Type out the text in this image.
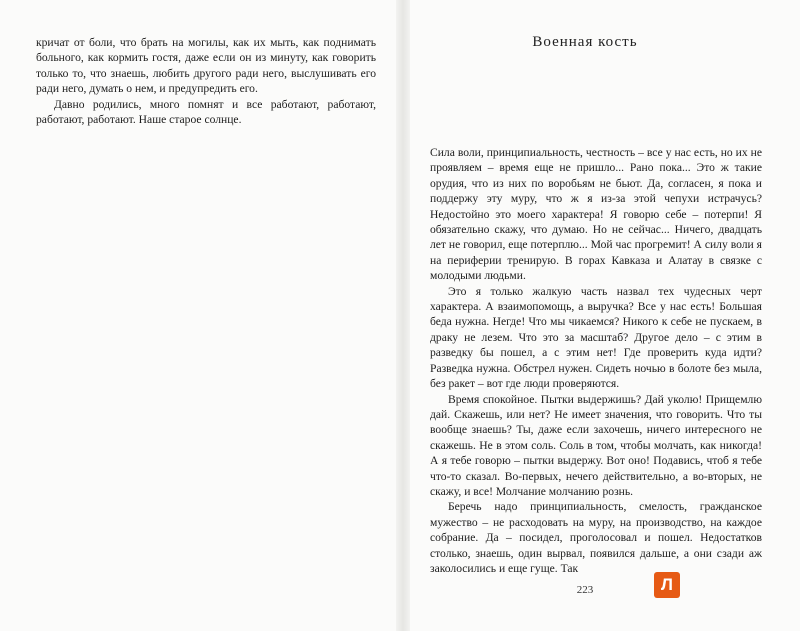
кричат от боли, что брать на могилы, как их мыть, как поднимать больного, как кормить гостя, даже если он из минуту, как говорить только то, что знаешь, любить другого ради него, выслушивать его ради него, думать о нем, и предупредить его.

Давно родились, много помнят и все работают, работают, работают, работают. Наше старое солнце.

Военная кость

Сила воли, принципиальность, честность – все у нас есть, но их не проявляем – время еще не пришло... Рано пока... Это ж такие орудия, что из них по воробьям не бьют. Да, согласен, я пока и поддержу эту муру, что ж я из-за этой чепухи истрачусь? Недостойно это моего характера! Я говорю себе – потерпи! Я обязательно скажу, что думаю. Но не сейчас... Ничего, двадцать лет не говорил, еще потерплю... Мой час прогремит! А силу воли я на периферии тренирую. В горах Кавказа и Алатау в связке с молодыми людьми.

Это я только жалкую часть назвал тех чудесных черт характера. А взаимопомощь, а выручка? Все у нас есть! Большая беда нужна. Негде! Что мы чикаемся? Никого к себе не пускаем, в драку не лезем. Что это за масштаб? Другое дело – с этим в разведку бы пошел, а с этим нет! Где проверить куда идти? Разведка нужна. Обстрел нужен. Сидеть ночью в болоте без мыла, без ракет – вот где люди проверяются.

Время спокойное. Пытки выдержишь? Дай уколю! Прищемлю дай. Скажешь, или нет? Не имеет значения, что говорить. Что ты вообще знаешь? Ты, даже если захочешь, ничего интересного не скажешь. Не в этом соль. Соль в том, чтобы молчать, как никогда! А я тебе говорю – пытки выдержу. Вот оно! Подавись, чтоб я тебе что-то сказал. Во-первых, нечего действительно, а во-вторых, не скажу, и все! Молчание молчанию рознь.

Беречь надо принципиальность, смелость, гражданское мужество – не расходовать на муру, на производство, на каждое собрание. Да – посидел, проголосовал и пошел. Недостатков столько, знаешь, один вырвал, появился дальше, а они сзади аж заколосились и еще гуще. Так

223	Л
